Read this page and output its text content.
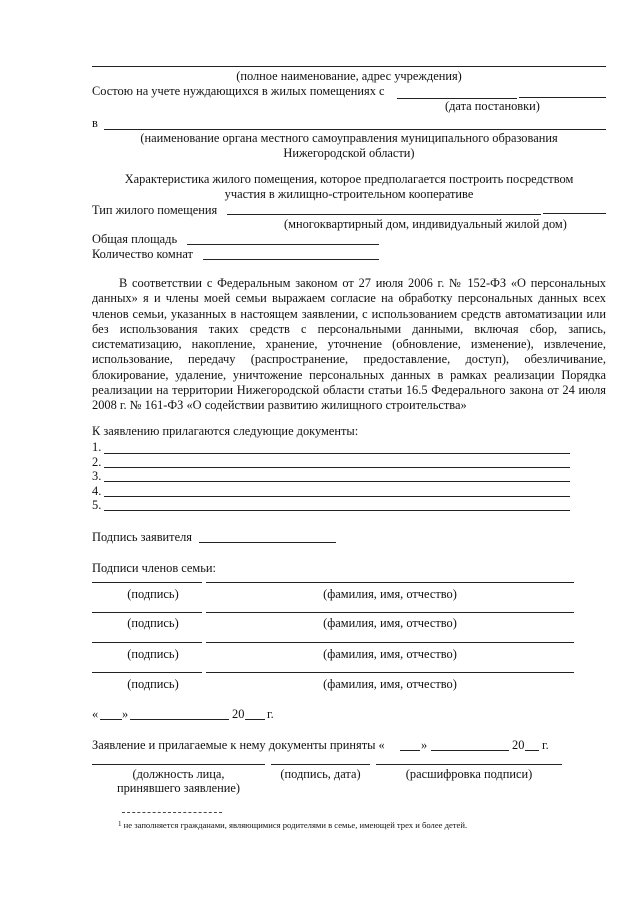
(полное наименование, адрес учреждения)
Состою на учете нуждающихся в жилых помещениях с
(дата постановки)
в
(наименование органа местного самоуправления муниципального образования
Нижегородской области)
Характеристика жилого помещения, которое предполагается построить посредством
участия в жилищно-строительном кооперативе
Тип жилого помещения
(многоквартирный дом, индивидуальный жилой дом)
Общая площадь
Количество комнат
В соответствии с Федеральным законом от 27 июля 2006 г. № 152-ФЗ «О персональных данных» я и члены моей семьи выражаем согласие на обработку персональных данных всех членов семьи, указанных в настоящем заявлении, с использованием средств автоматизации или без использования таких средств с персональными данными, включая сбор, запись, систематизацию, накопление, хранение, уточнение (обновление, изменение), извлечение, использование, передачу (распространение, предоставление, доступ), обезличивание, блокирование, удаление, уничтожение персональных данных в рамках реализации Порядка реализации на территории Нижегородской области статьи 16.5 Федерального закона от 24 июля 2008 г. № 161-ФЗ «О содействии развитию жилищного строительства»
К заявлению прилагаются следующие документы:
1.
2.
3.
4.
5.
Подпись заявителя
Подписи членов семьи:
(подпись)	(фамилия, имя, отчество)
(подпись)	(фамилия, имя, отчество)
(подпись)	(фамилия, имя, отчество)
(подпись)	(фамилия, имя, отчество)
« »	20 г.
Заявление и прилагаемые к нему документы приняты «	»	20 г.
(должность лица,
принявшего заявление)
(подпись, дата)	(расшифровка подписи)
$^1$ не заполняется гражданами, являющимися родителями в семье, имеющей трех и более детей.
